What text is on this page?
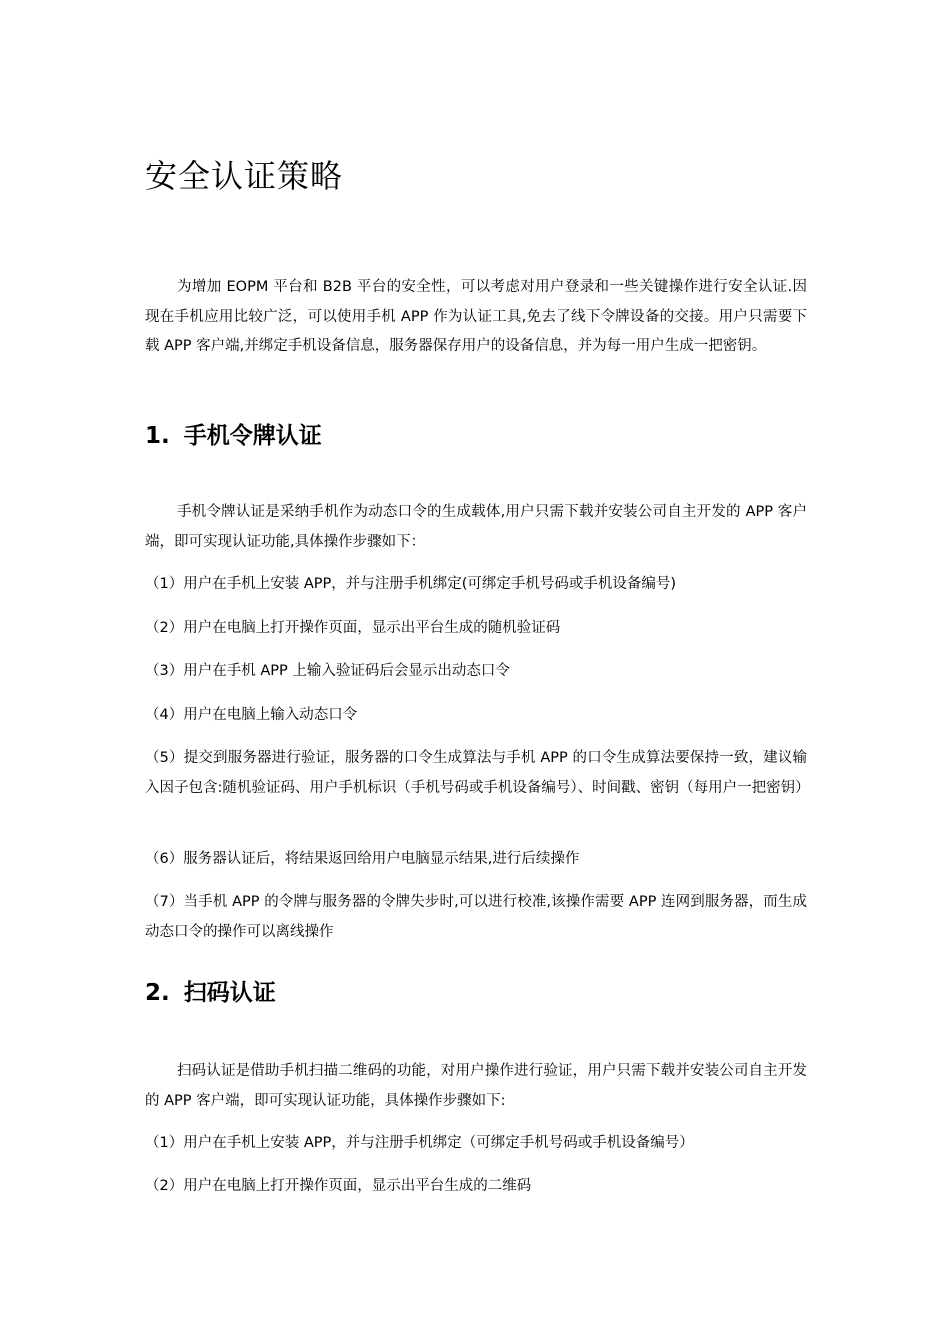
安全认证策略

为增加 EOPM 平台和 B2B 平台的安全性，可以考虑对用户登录和一些关键操作进行安全认证.因现在手机应用比较广泛，可以使用手机 APP 作为认证工具,免去了线下令牌设备的交接。用户只需要下载 APP 客户端,并绑定手机设备信息，服务器保存用户的设备信息，并为每一用户生成一把密钥。

1. 手机令牌认证

手机令牌认证是采纳手机作为动态口令的生成载体,用户只需下载并安装公司自主开发的 APP 客户端，即可实现认证功能,具体操作步骤如下：

（1）用户在手机上安装 APP，并与注册手机绑定(可绑定手机号码或手机设备编号)

（2）用户在电脑上打开操作页面，显示出平台生成的随机验证码

（3）用户在手机 APP 上输入验证码后会显示出动态口令

（4）用户在电脑上输入动态口令

（5）提交到服务器进行验证，服务器的口令生成算法与手机 APP 的口令生成算法要保持一致，建议输入因子包含:随机验证码、用户手机标识（手机号码或手机设备编号）、时间戳、密钥（每用户一把密钥）

（6）服务器认证后，将结果返回给用户电脑显示结果,进行后续操作

（7）当手机 APP 的令牌与服务器的令牌失步时,可以进行校准,该操作需要 APP 连网到服务器，而生成动态口令的操作可以离线操作

2. 扫码认证

扫码认证是借助手机扫描二维码的功能，对用户操作进行验证，用户只需下载并安装公司自主开发的 APP 客户端，即可实现认证功能，具体操作步骤如下:

（1）用户在手机上安装 APP，并与注册手机绑定（可绑定手机号码或手机设备编号）

（2）用户在电脑上打开操作页面，显示出平台生成的二维码
